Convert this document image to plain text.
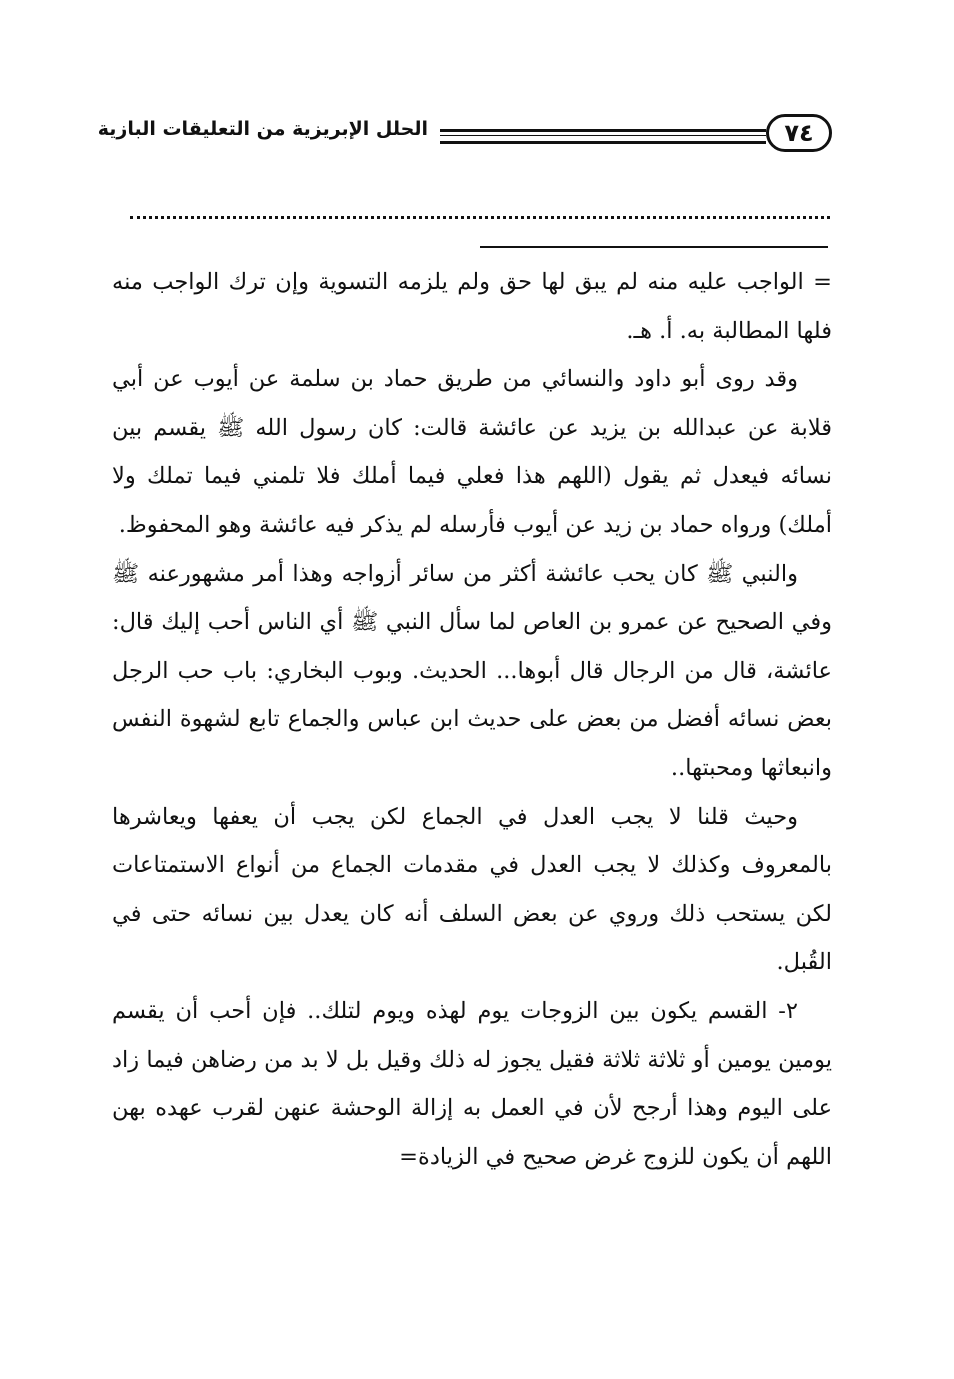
٧٤
الحلل الإبريزية من التعليقات البازية

= الواجب عليه منه لم يبق لها حق ولم يلزمه التسوية وإن ترك الواجب منه فلها المطالبة به. أ. هـ.

وقد روى أبو داود والنسائي من طريق حماد بن سلمة عن أيوب عن أبي قلابة عن عبدالله بن يزيد عن عائشة قالت: كان رسول الله ﷺ يقسم بين نسائه فيعدل ثم يقول (اللهم هذا فعلي فيما أملك فلا تلمني فيما تملك ولا أملك) ورواه حماد بن زيد عن أيوب فأرسله لم يذكر فيه عائشة وهو المحفوظ.

والنبي ﷺ كان يحب عائشة أكثر من سائر أزواجه وهذا أمر مشهورعنه ﷺ وفي الصحيح عن عمرو بن العاص لما سأل النبي ﷺ أي الناس أحب إليك قال: عائشة، قال من الرجال قال أبوها... الحديث. وبوب البخاري: باب حب الرجل بعض نسائه أفضل من بعض على حديث ابن عباس والجماع تابع لشهوة النفس وانبعاثها ومحبتها..

وحيث قلنا لا يجب العدل في الجماع لكن يجب أن يعفها ويعاشرها بالمعروف وكذلك لا يجب العدل في مقدمات الجماع من أنواع الاستمتاعات لكن يستحب ذلك وروي عن بعض السلف أنه كان يعدل بين نسائه حتى في القُبل.

٢- القسم يكون بين الزوجات يوم لهذه ويوم لتلك.. فإن أحب أن يقسم يومين يومين أو ثلاثة ثلاثة فقيل يجوز له ذلك وقيل بل لا بد من رضاهن فيما زاد على اليوم وهذا أرجح لأن في العمل به إزالة الوحشة عنهن لقرب عهده بهن اللهم أن يكون للزوج غرض صحيح في الزيادة=
